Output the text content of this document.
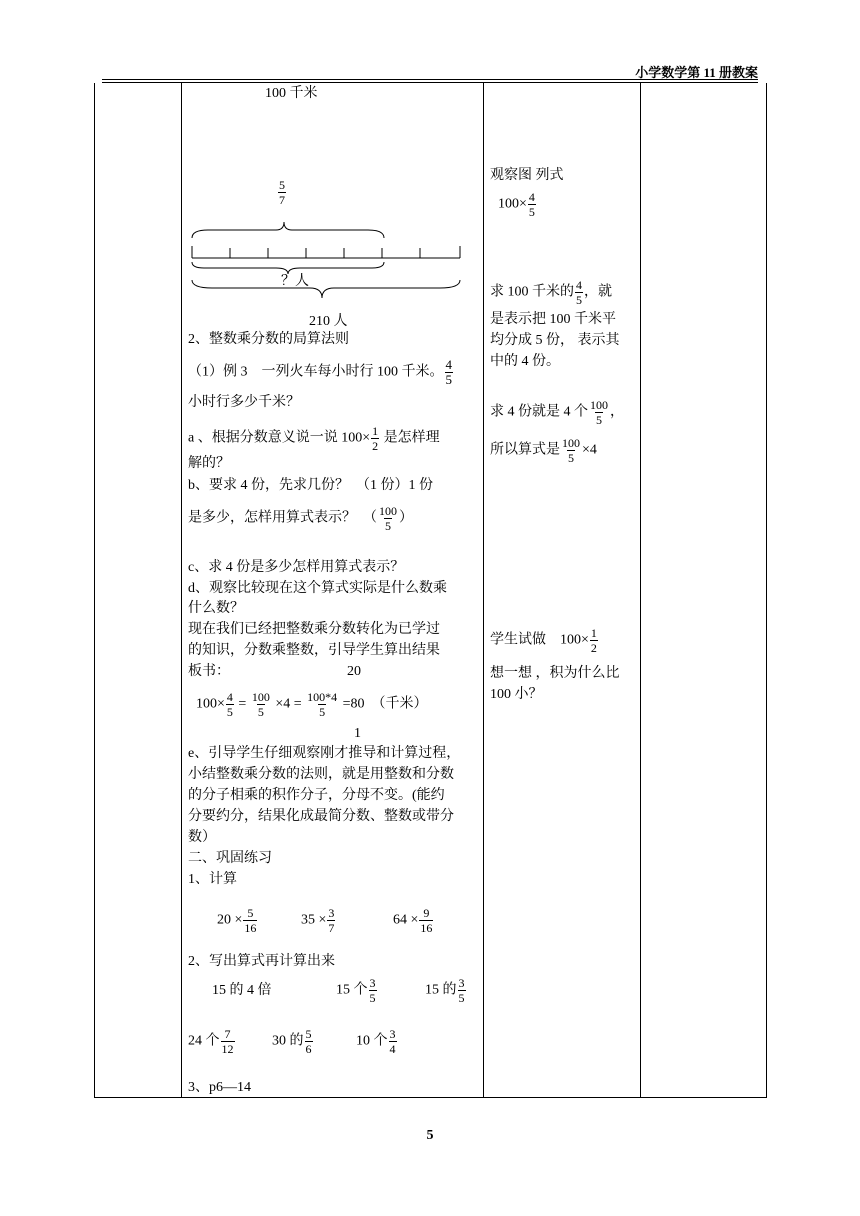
小学数学第 11 册教案
100 千米
$\frac{5}{7}$
？人
210 人
2、整数乘分数的局算法则
（1）例 3　一列火车每小时行 100 千米。 $\frac{4}{5}$
小时行多少千米？
a 、根据分数意义说一说 $100\times \frac{1}{2}$ 是怎样理
解的？
b、要求 4 份，先求几份？　（1 份）1 份
是多少，怎样用算式表示？　（ $\frac{100}{5}$ ）
c、求 4 份是多少怎样用算式表示？
d、观察比较现在这个算式实际是什么数乘
什么数？
现在我们已经把整数乘分数转化为已学过
的知识，分数乘整数，引导学生算出结果
板书：	20
$100\times \frac{4}{5} = \frac{100}{5} \times 4 = \frac{100*4}{5} =80$　（千米）
1
e、引导学生仔细观察刚才推导和计算过程，
小结整数乘分数的法则，就是用整数和分数
的分子相乘的积作分子，分母不变。(能约
分要约分，结果化成最简分数、整数或带分
数）
二、巩固练习
1、计算
$20 \times \frac{5}{16}$	$35 \times \frac{3}{7}$	$64 \times \frac{9}{16}$
2、写出算式再计算出来
15 的 4 倍	15 个 $\frac{3}{5}$	15 的 $\frac{3}{5}$
24 个 $\frac{7}{12}$	30 的 $\frac{5}{6}$	10 个 $\frac{3}{4}$
3、p6—14
观察图 列式
$100\times \frac{4}{5}$
求 100 千米的 $\frac{4}{5}$ ，就
是表示把 100 千米平
均分成 5 份， 表示其
中的 4 份。
求 4 份就是 4 个 $\frac{100}{5}$ ，
所以算式是 $\frac{100}{5} \times 4$
学生试做　$100\times \frac{1}{2}$
想一想 ，积为什么比
100 小？
5
